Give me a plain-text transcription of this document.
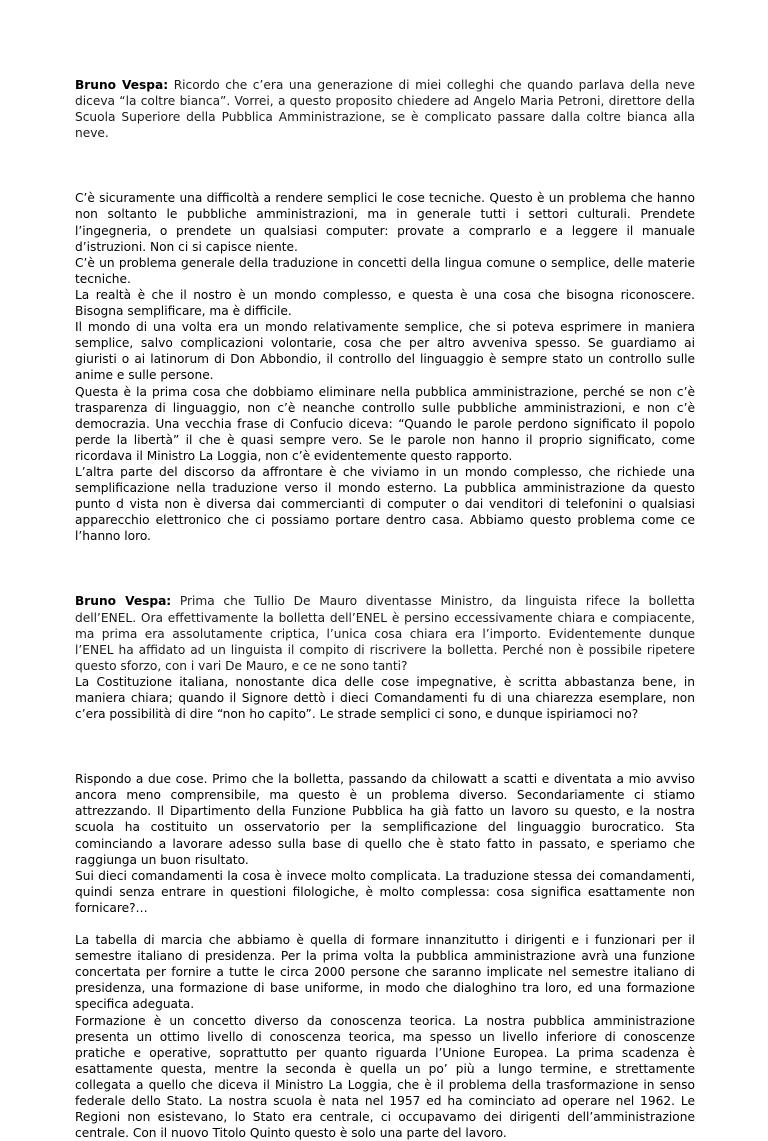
Bruno Vespa: Ricordo che c’era una generazione di miei colleghi che quando parlava della neve diceva “la coltre bianca”. Vorrei, a questo proposito chiedere ad Angelo Maria Petroni, direttore della Scuola Superiore della Pubblica Amministrazione, se è complicato passare dalla coltre bianca alla neve.

C’è sicuramente una difficoltà a rendere semplici le cose tecniche. Questo è un problema che hanno non soltanto le pubbliche amministrazioni, ma in generale tutti i settori culturali. Prendete l’ingegneria, o prendete un qualsiasi computer: provate a comprarlo e a leggere il manuale d’istruzioni. Non ci si capisce niente.

C’è un problema generale della traduzione in concetti della lingua comune o semplice, delle materie tecniche.

La realtà è che il nostro è un mondo complesso, e questa è una cosa che bisogna riconoscere. Bisogna semplificare, ma è difficile.

Il mondo di una volta era un mondo relativamente semplice, che si poteva esprimere in maniera semplice, salvo complicazioni volontarie, cosa che per altro avveniva spesso. Se guardiamo ai giuristi o ai latinorum di Don Abbondio, il controllo del linguaggio è sempre stato un controllo sulle anime e sulle persone.

Questa è la prima cosa che dobbiamo eliminare nella pubblica amministrazione, perché se non c’è trasparenza di linguaggio, non c’è neanche controllo sulle pubbliche amministrazioni, e non c’è democrazia. Una vecchia frase di Confucio diceva: “Quando le parole perdono significato il popolo perde la libertà” il che è quasi sempre vero. Se le parole non hanno il proprio significato, come ricordava il Ministro La Loggia, non c’è evidentemente questo rapporto.

L’altra parte del discorso da affrontare è che viviamo in un mondo complesso, che richiede una semplificazione nella traduzione verso il mondo esterno. La pubblica amministrazione da questo punto d vista non è diversa dai commercianti di computer o dai venditori di telefonini o qualsiasi apparecchio elettronico che ci possiamo portare dentro casa. Abbiamo questo problema come ce l’hanno loro.

Bruno Vespa: Prima che Tullio De Mauro diventasse Ministro, da linguista rifece la bolletta dell’ENEL. Ora effettivamente la bolletta dell’ENEL è persino eccessivamente chiara e compiacente, ma prima era assolutamente criptica, l’unica cosa chiara era l’importo. Evidentemente dunque l’ENEL ha affidato ad un linguista il compito di riscrivere la bolletta. Perché non è possibile ripetere questo sforzo, con i vari De Mauro, e ce ne sono tanti?

La Costituzione italiana, nonostante dica delle cose impegnative, è scritta abbastanza bene, in maniera chiara; quando il Signore dettò i dieci Comandamenti fu di una chiarezza esemplare, non c’era possibilità di dire “non ho capito”. Le strade semplici ci sono, e dunque ispiriamoci no?

Rispondo a due cose. Primo che la bolletta, passando da chilowatt a scatti e diventata a mio avviso ancora meno comprensibile, ma questo è un problema diverso. Secondariamente ci stiamo attrezzando. Il Dipartimento della Funzione Pubblica ha già fatto un lavoro su questo, e la nostra scuola ha costituito un osservatorio per la semplificazione del linguaggio burocratico. Sta cominciando a lavorare adesso sulla base di quello che è stato fatto in passato, e speriamo che raggiunga un buon risultato.

Sui dieci comandamenti la cosa è invece molto complicata. La traduzione stessa dei comandamenti, quindi senza entrare in questioni filologiche, è molto complessa: cosa significa esattamente non fornicare?…

La tabella di marcia che abbiamo è quella di formare innanzitutto i dirigenti e i funzionari per il semestre italiano di presidenza. Per la prima volta la pubblica amministrazione avrà una funzione concertata per fornire a tutte le circa 2000 persone che saranno implicate nel semestre italiano di presidenza, una formazione di base uniforme, in modo che dialoghino tra loro, ed una formazione specifica adeguata.

Formazione è un concetto diverso da conoscenza teorica. La nostra pubblica amministrazione presenta un ottimo livello di conoscenza teorica, ma spesso un livello inferiore di conoscenze pratiche e operative, soprattutto per quanto riguarda l’Unione Europea. La prima scadenza è esattamente questa, mentre la seconda è quella un po’ più a lungo termine, e strettamente collegata a quello che diceva il Ministro La Loggia, che è il problema della trasformazione in senso federale dello Stato. La nostra scuola è nata nel 1957 ed ha cominciato ad operare nel 1962. Le Regioni non esistevano, lo Stato era centrale, ci occupavamo dei dirigenti dell’amministrazione centrale. Con il nuovo Titolo Quinto questo è solo una parte del lavoro.
